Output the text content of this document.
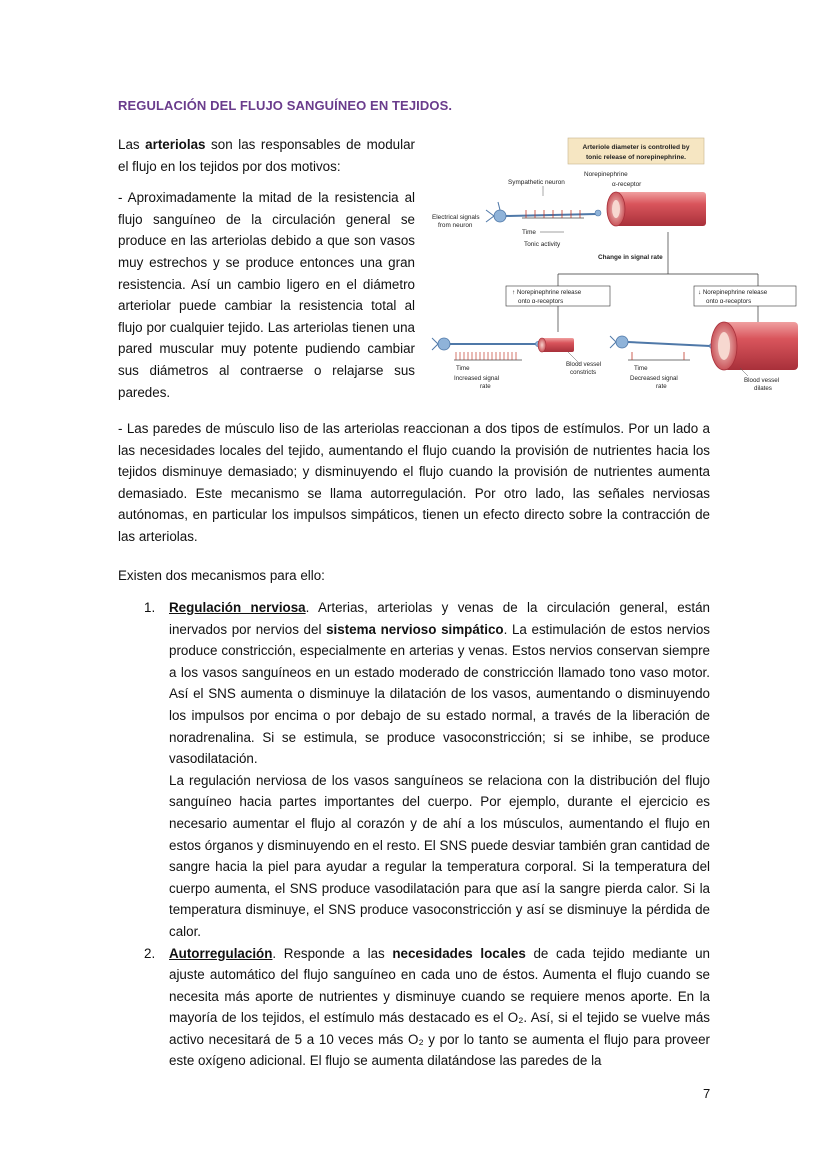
REGULACIÓN DEL FLUJO SANGUÍNEO EN TEJIDOS.

Las arteriolas son las responsables de modular el flujo en los tejidos por dos motivos:

- Aproximadamente la mitad de la resistencia al flujo sanguíneo de la circulación general se produce en las arteriolas debido a que son vasos muy estrechos y se produce entonces una gran resistencia. Así un cambio ligero en el diámetro arteriolar puede cambiar la resistencia total al flujo por cualquier tejido. Las arteriolas tienen una pared muscular muy potente pudiendo cambiar sus diámetros al contraerse o relajarse sus paredes.

Arteriole diameter is controlled by
tonic release of norepinephrine.
Norepinephrine
Sympathetic neuron	α-receptor
Electrical signals
from neuron
Time
Tonic activity
Change in signal rate
↑ Norepinephrine release
onto α-receptors
↓ Norepinephrine release
onto α-receptors
Time
Increased signal
rate
Blood vessel
constricts
Time
Decreased signal
rate
Blood vessel
dilates

- Las paredes de músculo liso de las arteriolas reaccionan a dos tipos de estímulos. Por un lado a las necesidades locales del tejido, aumentando el flujo cuando la provisión de nutrientes hacia los tejidos disminuye demasiado; y disminuyendo el flujo cuando la provisión de nutrientes aumenta demasiado. Este mecanismo se llama autorregulación. Por otro lado, las señales nerviosas autónomas, en particular los impulsos simpáticos, tienen un efecto directo sobre la contracción de las arteriolas.

Existen dos mecanismos para ello:

1. Regulación nerviosa. Arterias, arteriolas y venas de la circulación general, están inervados por nervios del sistema nervioso simpático. La estimulación de estos nervios produce constricción, especialmente en arterias y venas. Estos nervios conservan siempre a los vasos sanguíneos en un estado moderado de constricción llamado tono vaso motor. Así el SNS aumenta o disminuye la dilatación de los vasos, aumentando o disminuyendo los impulsos por encima o por debajo de su estado normal, a través de la liberación de noradrenalina. Si se estimula, se produce vasoconstricción; si se inhibe, se produce vasodilatación.

La regulación nerviosa de los vasos sanguíneos se relaciona con la distribución del flujo sanguíneo hacia partes importantes del cuerpo. Por ejemplo, durante el ejercicio es necesario aumentar el flujo al corazón y de ahí a los músculos, aumentando el flujo en estos órganos y disminuyendo en el resto. El SNS puede desviar también gran cantidad de sangre hacia la piel para ayudar a regular la temperatura corporal. Si la temperatura del cuerpo aumenta, el SNS produce vasodilatación para que así la sangre pierda calor. Si la temperatura disminuye, el SNS produce vasoconstricción y así se disminuye la pérdida de calor.

2. Autorregulación. Responde a las necesidades locales de cada tejido mediante un ajuste automático del flujo sanguíneo en cada uno de éstos. Aumenta el flujo cuando se necesita más aporte de nutrientes y disminuye cuando se requiere menos aporte. En la mayoría de los tejidos, el estímulo más destacado es el O₂. Así, si el tejido se vuelve más activo necesitará de 5 a 10 veces más O₂ y por lo tanto se aumenta el flujo para proveer este oxígeno adicional. El flujo se aumenta dilatándose las paredes de la

7
